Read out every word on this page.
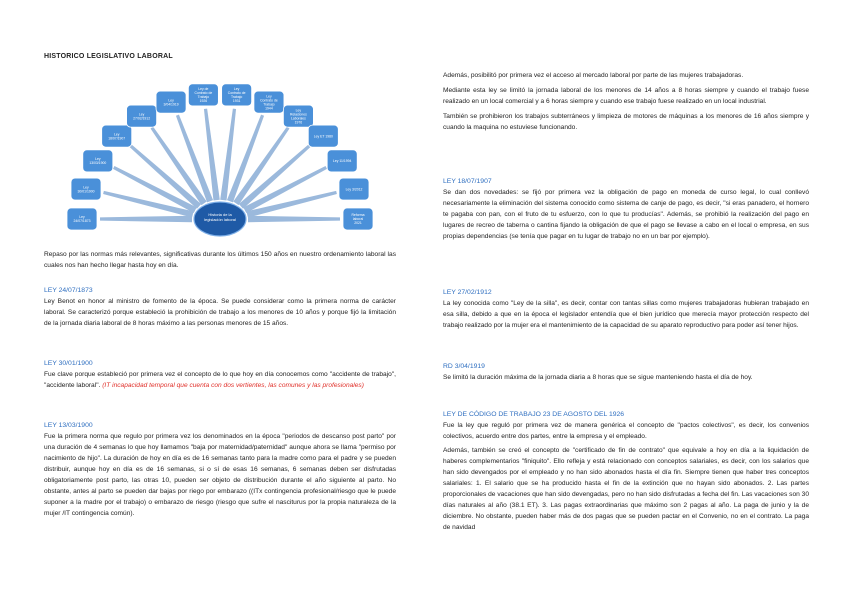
HISTORICO LEGISLATIVO LABORAL
Ley 24/07/1873
Ley 30/01/1900
Ley 13/03/1900
Ley 18/07/1907
Ley 27/02/1912
Ley 3/04/1919
Ley de Contrato de Trabajo 1926
Ley Contrato de Trabajo 1931
Ley Contrato de Trabajo 1944
Ley Relaciones Laborales 1976
Ley ET 1980
Ley 11/1994
Ley 3/2012
Reforma laboral 2021
Historia de la legislación laboral

Repaso por las normas más relevantes, significativas durante los últimos 150 años en nuestro ordenamiento laboral las cuales nos han hecho llegar hasta hoy en día.

LEY 24/07/1873

Ley Benot en honor al ministro de fomento de la época. Se puede considerar como la primera norma de carácter laboral. Se caracterizó porque estableció la prohibición de trabajo a los menores de 10 años y porque fijó la limitación de la jornada diaria laboral de 8 horas máximo a las personas menores de 15 años.

LEY 30/01/1900

Fue clave porque estableció por primera vez el concepto de lo que hoy en día conocemos como "accidente de trabajo", "accidente laboral". (IT incapacidad temporal que cuenta con dos vertientes, las comunes y las profesionales)

LEY 13/03/1900

Fue la primera norma que regulo por primera vez los denominados en la época "periodos de descanso post parto" por una duración de 4 semanas lo que hoy llamamos "baja por maternidad/paternidad" aunque ahora se llama "permiso por nacimiento de hijo". La duración de hoy en día es de 16 semanas tanto para la madre como para el padre y se pueden distribuir, aunque hoy en día es de 16 semanas, si o sí de esas 16 semanas, 6 semanas deben ser disfrutadas obligatoriamente post parto, las otras 10, pueden ser objeto de distribución durante el año siguiente al parto. No obstante, antes al parto se pueden dar bajas por riego por embarazo ((ITx contingencia profesional/riesgo que le puede suponer a la madre por el trabajo) o embarazo de riesgo (riesgo que sufre el nasciturus por la propia naturaleza de la mujer /IT contingencia común).

Además, posibilitó por primera vez el acceso al mercado laboral por parte de las mujeres trabajadoras.

Mediante esta ley se limitó la jornada laboral de los menores de 14 años a 8 horas siempre y cuando el trabajo fuese realizado en un local comercial y a 6 horas siempre y cuando ese trabajo fuese realizado en un local industrial.

También se prohibieron los trabajos subterráneos y limpieza de motores de máquinas a los menores de 16 años siempre y cuando la maquina no estuviese funcionando.

LEY 18/07/1907

Se dan dos novedades: se fijó por primera vez la obligación de pago en moneda de curso legal, lo cual conllevó necesariamente la eliminación del sistema conocido como sistema de canje de pago, es decir, "si eras panadero, el hornero te pagaba con pan, con el fruto de tu esfuerzo, con lo que tu producías". Además, se prohibió la realización del pago en lugares de recreo de taberna o cantina fijando la obligación de que el pago se llevase a cabo en el local o empresa, en sus propias dependencias (se tenía que pagar en tu lugar de trabajo no en un bar por ejemplo).

LEY 27/02/1912

La ley conocida como "Ley de la silla", es decir, contar con tantas sillas como mujeres trabajadoras hubieran trabajado en esa silla, debido a que en la época el legislador entendía que el bien jurídico que merecía mayor protección respecto del trabajo realizado por la mujer era el mantenimiento de la capacidad de su aparato reproductivo para poder así tener hijos.

RD 3/04/1919

Se limitó la duración máxima de la jornada diaria a 8 horas que se sigue manteniendo hasta el día de hoy.

LEY DE CÓDIGO DE TRABAJO 23 DE AGOSTO DEL 1926

Fue la ley que reguló por primera vez de manera genérica el concepto de "pactos colectivos", es decir, los convenios colectivos, acuerdo entre dos partes, entre la empresa y el empleado.

Además, también se creó el concepto de "certificado de fin de contrato" que equivale a hoy en día a la liquidación de haberes complementarios "finiquito". Ello refleja y está relacionado con conceptos salariales, es decir, con los salarios que han sido devengados por el empleado y no han sido abonados hasta el día fin. Siempre tienen que haber tres conceptos salariales: 1. El salario que se ha producido hasta el fin de la extinción que no hayan sido abonados. 2. Las partes proporcionales de vacaciones que han sido devengadas, pero no han sido disfrutadas a fecha del fin. Las vacaciones son 30 días naturales al año (38.1 ET). 3. Las pagas extraordinarias que máximo son 2 pagas al año. La paga de junio y la de diciembre. No obstante, pueden haber más de dos pagas que se pueden pactar en el Convenio, no en el contrato. La paga de navidad
